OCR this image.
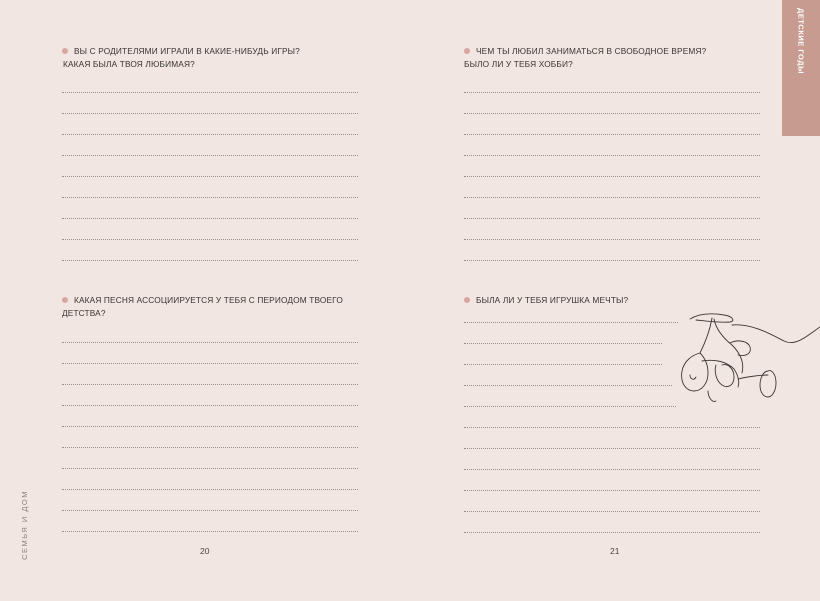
ДЕТСКИЕ ГОДЫ
СЕМЬЯ И ДОМ
ВЫ С РОДИТЕЛЯМИ ИГРАЛИ В КАКИЕ-НИБУДЬ ИГРЫ?
КАКАЯ БЫЛА ТВОЯ ЛЮБИМАЯ?
ЧЕМ ТЫ ЛЮБИЛ ЗАНИМАТЬСЯ В СВОБОДНОЕ ВРЕМЯ?
БЫЛО ЛИ У ТЕБЯ ХОББИ?
КАКАЯ ПЕСНЯ АССОЦИИРУЕТСЯ У ТЕБЯ С ПЕРИОДОМ ТВОЕГО
ДЕТСТВА?
БЫЛА ЛИ У ТЕБЯ ИГРУШКА МЕЧТЫ?
20	21
